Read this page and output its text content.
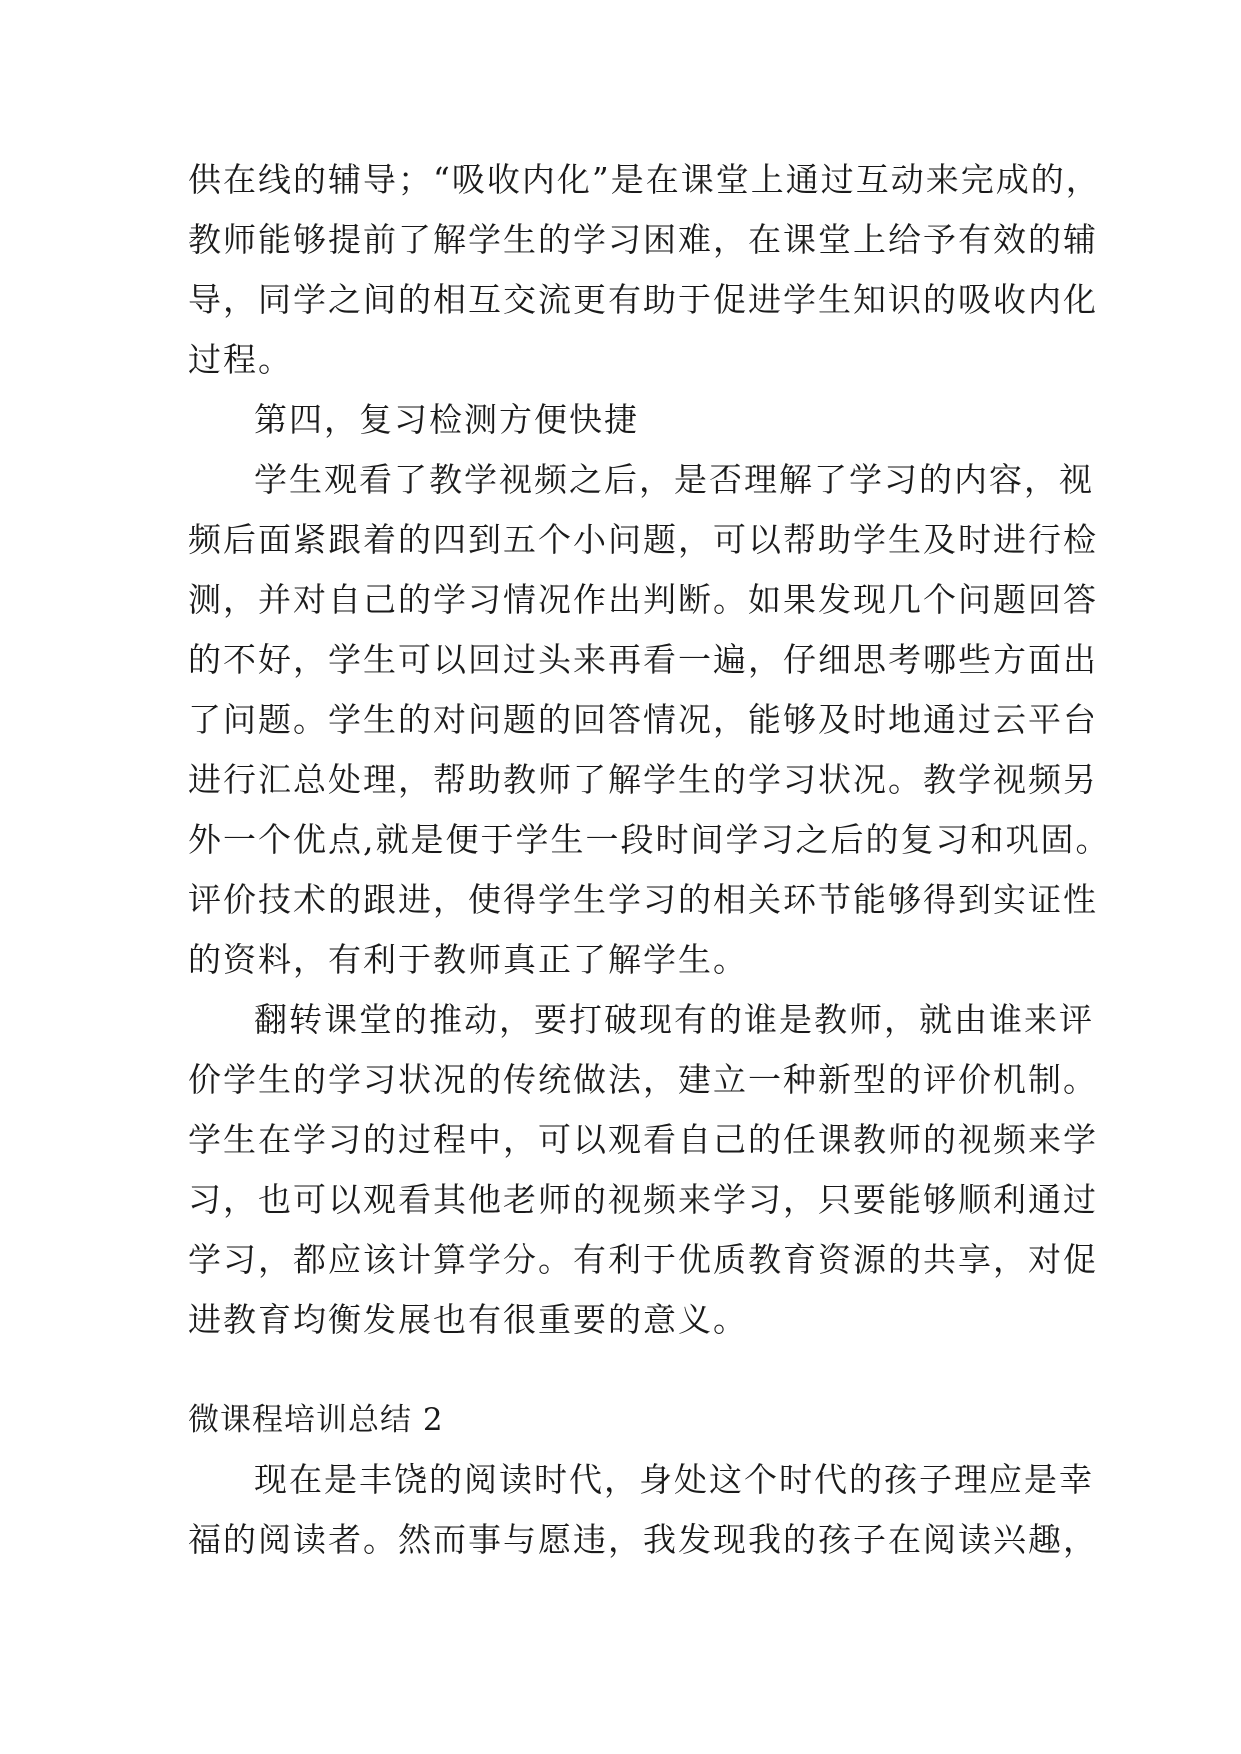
供在线的辅导；“吸收内化”是在课堂上通过互动来完成的，
教师能够提前了解学生的学习困难，在课堂上给予有效的辅
导，同学之间的相互交流更有助于促进学生知识的吸收内化
过程。
第四，复习检测方便快捷
学生观看了教学视频之后，是否理解了学习的内容，视
频后面紧跟着的四到五个小问题，可以帮助学生及时进行检
测，并对自己的学习情况作出判断。如果发现几个问题回答
的不好，学生可以回过头来再看一遍，仔细思考哪些方面出
了问题。学生的对问题的回答情况，能够及时地通过云平台
进行汇总处理，帮助教师了解学生的学习状况。教学视频另
外一个优点,就是便于学生一段时间学习之后的复习和巩固。
评价技术的跟进，使得学生学习的相关环节能够得到实证性
的资料，有利于教师真正了解学生。
翻转课堂的推动，要打破现有的谁是教师，就由谁来评
价学生的学习状况的传统做法，建立一种新型的评价机制。
学生在学习的过程中，可以观看自己的任课教师的视频来学
习，也可以观看其他老师的视频来学习，只要能够顺利通过
学习，都应该计算学分。有利于优质教育资源的共享，对促
进教育均衡发展也有很重要的意义。
微课程培训总结 2
现在是丰饶的阅读时代，身处这个时代的孩子理应是幸
福的阅读者。然而事与愿违，我发现我的孩子在阅读兴趣，
